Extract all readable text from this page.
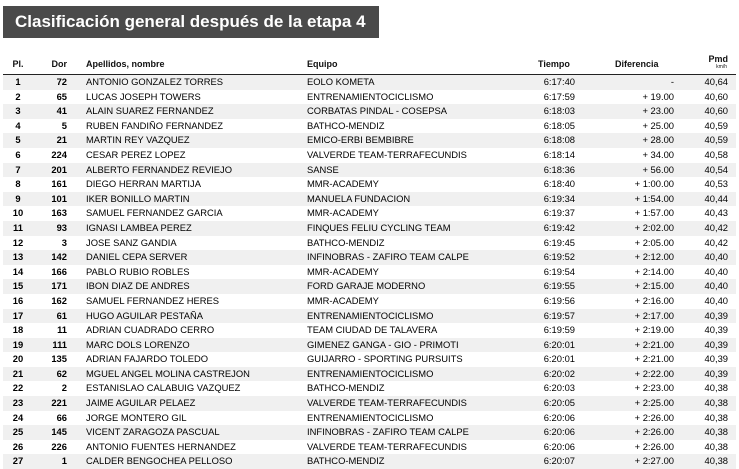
Clasificación general después de la etapa 4
Pl.	Dor Apellidos, nombre	Equipo	Tiempo	Diferencia	Pmd
km/h
1	72 ANTONIO GONZALEZ TORRES	EOLO KOMETA	6:17:40	-	40,64
2	65 LUCAS JOSEPH TOWERS	ENTRENAMIENTOCICLISMO	6:17:59	+ 19.00	40,60
3	41 ALAIN SUAREZ FERNANDEZ	CORBATAS PINDAL - COSEPSA	6:18:03	+ 23.00	40,60
4	5 RUBEN FANDIÑO FERNANDEZ	BATHCO-MENDIZ	6:18:05	+ 25.00	40,59
5	21 MARTIN REY VAZQUEZ	EMICO-ERBI BEMBIBRE	6:18:08	+ 28.00	40,59
6	224 CESAR PEREZ LOPEZ	VALVERDE TEAM-TERRAFECUNDIS	6:18:14	+ 34.00	40,58
7	201 ALBERTO FERNANDEZ REVIEJO	SANSE	6:18:36	+ 56.00	40,54
8	161 DIEGO HERRAN MARTIJA	MMR-ACADEMY	6:18:40	+ 1:00.00	40,53
9	101 IKER BONILLO MARTIN	MANUELA FUNDACION	6:19:34	+ 1:54.00	40,44
10	163 SAMUEL FERNANDEZ GARCIA	MMR-ACADEMY	6:19:37	+ 1:57.00	40,43
11	93 IGNASI LAMBEA PEREZ	FINQUES FELIU CYCLING TEAM	6:19:42	+ 2:02.00	40,42
12	3 JOSE SANZ GANDIA	BATHCO-MENDIZ	6:19:45	+ 2:05.00	40,42
13	142 DANIEL CEPA SERVER	INFINOBRAS - ZAFIRO TEAM CALPE	6:19:52	+ 2:12.00	40,40
14	166 PABLO RUBIO ROBLES	MMR-ACADEMY	6:19:54	+ 2:14.00	40,40
15	171 IBON DIAZ DE ANDRES	FORD GARAJE MODERNO	6:19:55	+ 2:15.00	40,40
16	162 SAMUEL FERNANDEZ HERES	MMR-ACADEMY	6:19:56	+ 2:16.00	40,40
17	61 HUGO AGUILAR PESTAÑA	ENTRENAMIENTOCICLISMO	6:19:57	+ 2:17.00	40,39
18	11 ADRIAN CUADRADO CERRO	TEAM CIUDAD DE TALAVERA	6:19:59	+ 2:19.00	40,39
19	111 MARC DOLS LORENZO	GIMENEZ GANGA - GIO - PRIMOTI	6:20:01	+ 2:21.00	40,39
20	135 ADRIAN FAJARDO TOLEDO	GUIJARRO - SPORTING PURSUITS	6:20:01	+ 2:21.00	40,39
21	62 MGUEL ANGEL MOLINA CASTREJON	ENTRENAMIENTOCICLISMO	6:20:02	+ 2:22.00	40,39
22	2 ESTANISLAO CALABUIG VAZQUEZ	BATHCO-MENDIZ	6:20:03	+ 2:23.00	40,38
23	221 JAIME AGUILAR PELAEZ	VALVERDE TEAM-TERRAFECUNDIS	6:20:05	+ 2:25.00	40,38
24	66 JORGE MONTERO GIL	ENTRENAMIENTOCICLISMO	6:20:06	+ 2:26.00	40,38
25	145 VICENT ZARAGOZA PASCUAL	INFINOBRAS - ZAFIRO TEAM CALPE	6:20:06	+ 2:26.00	40,38
26	226 ANTONIO FUENTES HERNANDEZ	VALVERDE TEAM-TERRAFECUNDIS	6:20:06	+ 2:26.00	40,38
27	1 CALDER BENGOCHEA PELLOSO	BATHCO-MENDIZ	6:20:07	+ 2:27.00	40,38
